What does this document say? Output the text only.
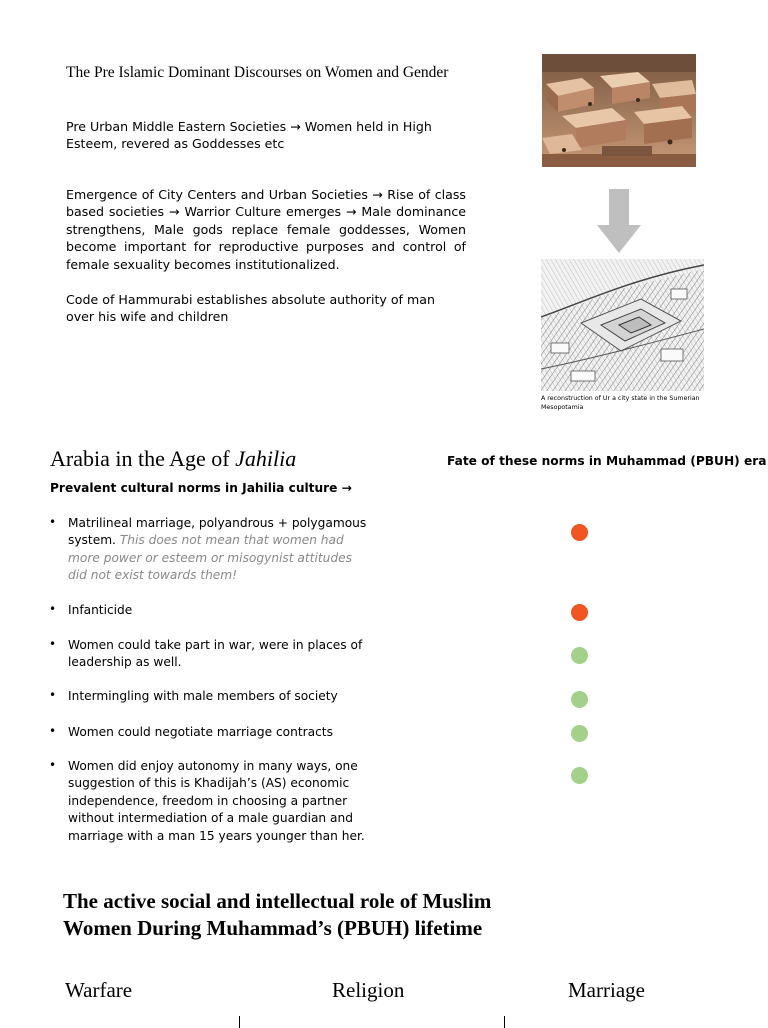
The Pre Islamic Dominant Discourses on Women and Gender
Pre Urban Middle Eastern Societies → Women held in High Esteem, revered as Goddesses etc
Emergence of City Centers and Urban Societies → Rise of class based societies → Warrior Culture emerges → Male dominance strengthens, Male gods replace female goddesses, Women become important for reproductive purposes and control of female sexuality becomes institutionalized.
Code of Hammurabi establishes absolute authority of man over his wife and children
A reconstruction of Ur a city state in the Sumerian Mesopotamia
Arabia in the Age of Jahilia	Fate of these norms in Muhammad (PBUH) era
Prevalent cultural norms in Jahilia culture →
• Matrilineal marriage, polyandrous + polygamous system. This does not mean that women had more power or esteem or misogynist attitudes did not exist towards them!
• Infanticide
• Women could take part in war, were in places of leadership as well.
• Intermingling with male members of society
• Women could negotiate marriage contracts
• Women did enjoy autonomy in many ways, one suggestion of this is Khadijah’s (AS) economic independence, freedom in choosing a partner without intermediation of a male guardian and marriage with a man 15 years younger than her.
The active social and intellectual role of Muslim Women During Muhammad’s (PBUH) lifetime
Warfare	Religion	Marriage
